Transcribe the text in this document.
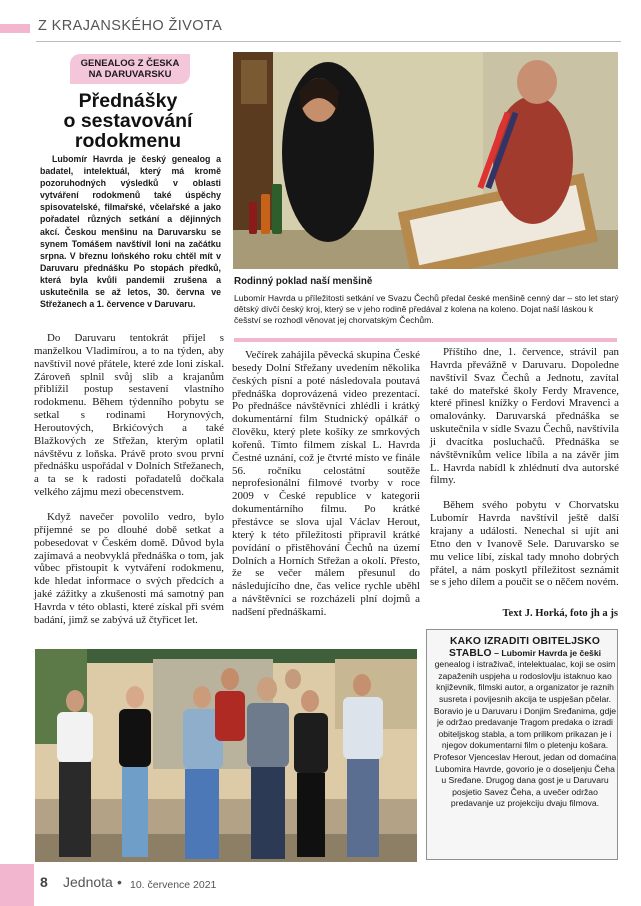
Z KRAJANSKÉHO ŽIVOTA
GENEALOG Z ČESKA
NA DARUVARSKU
Přednášky
o sestavování
rodokmenu

Lubomír Havrda je český genealog a badatel, intelektuál, který má kromě pozoruhodných výsledků v oblasti vytváření rodokmenů také úspěchy spisovatelské, filmařské, včelařské a jako pořadatel různých setkání a dějinných akcí. Českou menšinu na Daruvarsku se synem Tomášem navštívil loni na začátku srpna. V březnu loňského roku chtěl mít v Daruvaru přednášku Po stopách předků, která byla kvůli pandemii zrušena a uskutečnila se až letos, 30. června ve Střežanech a 1. července v Daruvaru.

Rodinný poklad naší menšině

Lubomír Havrda u příležitosti setkání ve Svazu Čechů předal české menšině cenný dar – sto let starý dětský dívčí český kroj, který se v jeho rodině předával z kolena na koleno. Dojat naší láskou k češství se rozhodl věnovat jej chorvatským Čechům.

Do Daruvaru tentokrát přijel s manželkou Vladimírou, a to na týden, aby navštívil nové přátele, které zde loni získal. Zároveň splnil svůj slib a krajanům přiblížil postup sestavení vlastního rodokmenu. Během týdenního pobytu se setkal s rodinami Horynových, Heroutových, Brkićových a také Blažkových ze Střežan, kterým oplatil návštěvu z loňska. Právě proto svou první přednášku uspořádal v Dolních Střežanech, a ta se k radosti pořadatelů dočkala velkého zájmu mezi obecenstvem.

Když navečer povolilo vedro, bylo příjemné se po dlouhé době setkat a pobesedovat v Českém domě. Důvod byla zajímavá a neobvyklá přednáška o tom, jak vůbec přistoupit k vytváření rodokmenu, kde hledat informace o svých předcích a jaké zážitky a zkušenosti má samotný pan Havrda v této oblasti, které získal při svém badání, jimž se zabývá už čtyřicet let.

Večírek zahájila pěvecká skupina České besedy Dolní Střežany uvedením několika českých písní a poté následovala poutavá přednáška doprovázená video prezentací. Po přednášce návštěvníci zhlédli i krátký dokumentární film Studnický opálkář o člověku, který plete košíky ze smrkových kořenů. Tímto filmem získal L. Havrda Čestné uznání, což je čtvrté místo ve finále 56. ročníku celostátní soutěže neprofesionální filmové tvorby v roce 2009 v České republice v kategorii dokumentárního filmu. Po krátké přestávce se slova ujal Václav Herout, který k této příležitosti připravil krátké povídání o přistěhování Čechů na území Dolních a Horních Střežan a okolí. Přesto, že se večer málem přesunul do následujícího dne, čas velice rychle uběhl a návštěvníci se rozcházeli plní dojmů a nadšení přednáškami.

Příštího dne, 1. července, strávil pan Havrda převážně v Daruvaru. Dopoledne navštívil Svaz Čechů a Jednotu, zavítal také do mateřské školy Ferdy Mravence, které přinesl knížky o Ferdovi Mravenci a omalovánky. Daruvarská přednáška se uskutečnila v sídle Svazu Čechů, navštívila ji dvacítka posluchačů. Přednáška se návštěvníkům velice líbila a na závěr jim L. Havrda nabídl k zhlédnutí dva autorské filmy.

Během svého pobytu v Chorvatsku Lubomír Havrda navštívil ještě další krajany a události. Nenechal si ujít ani Etno den v Ivanově Sele. Daruvarsko se mu velice líbí, získal tady mnoho dobrých přátel, a nám poskytl příležitost seznámit se s jeho dílem a poučit se o něčem novém.

Text J. Horká, foto jh a js
KAKO IZRADITI OBITELJSKO
STABLO – Lubomir Havrda je češki

genealog i istraživač, intelektualac, koji se osim zapaženih uspjeha u rodoslovlju istaknuo kao književnik, filmski autor, a organizator je raznih susreta i povijesnih akcija te uspješan pčelar. Boravio je u Daruvaru i Donjim Sređanima, gdje je održao predavanje Tragom predaka o izradi obiteljskog stabla, a tom prilikom prikazan je i njegov dokumentarni film o pletenju košara. Profesor Vjenceslav Herout, jedan od domaćina Lubomira Havrde, govorio je o doseljenju Čeha u Sređane. Drugog dana gost je u Daruvaru posjetio Savez Čeha, a uvečer održao predavanje uz projekciju dvaju filmova.

8 Jednota • 10. července 2021
